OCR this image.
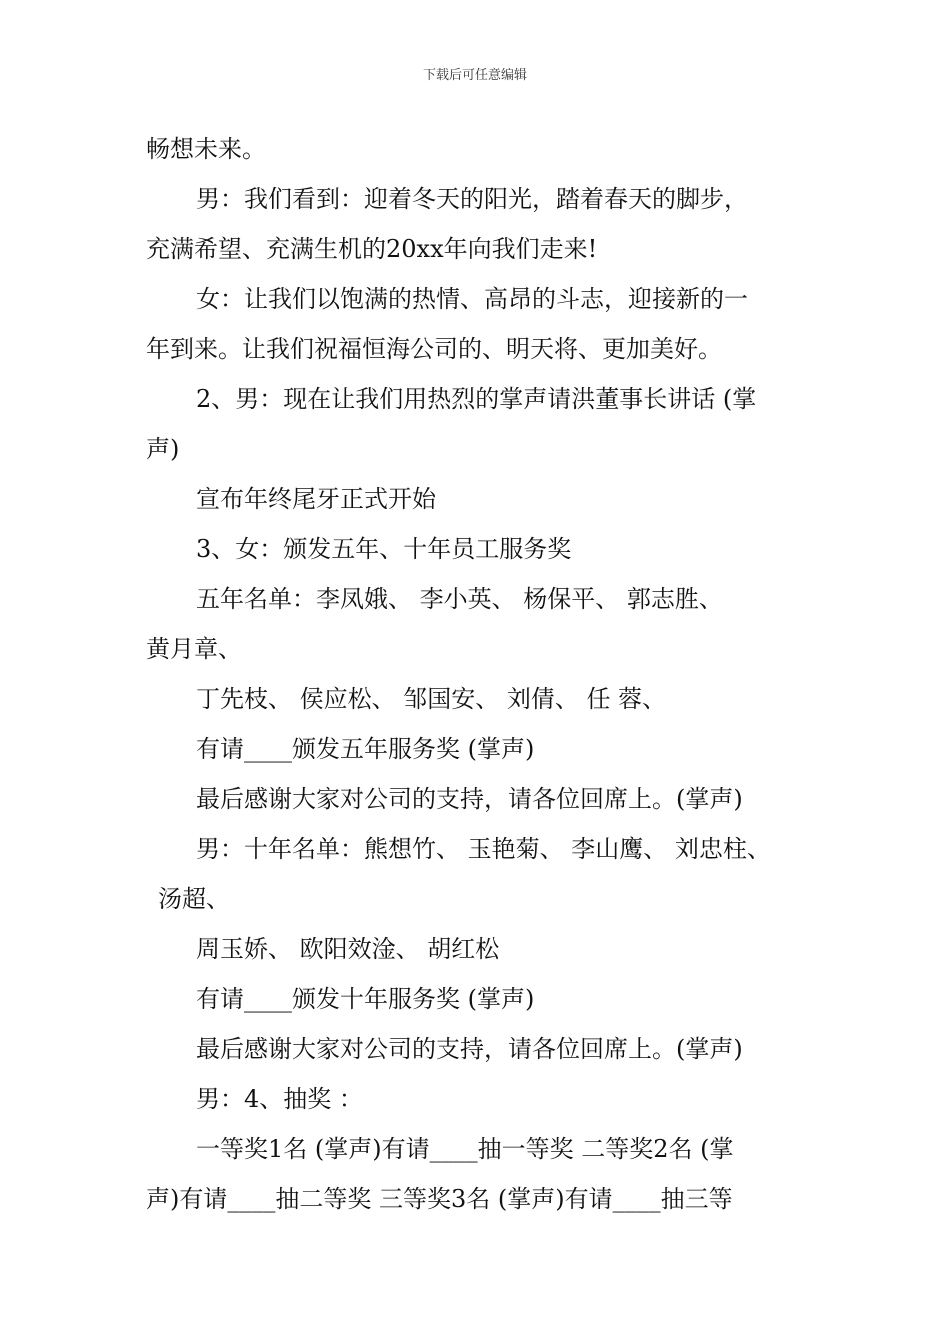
下载后可任意编辑
畅想未来。
男：我们看到：迎着冬天的阳光，踏着春天的脚步，
充满希望、充满生机的20xx年向我们走来!
女：让我们以饱满的热情、高昂的斗志，迎接新的一
年到来。让我们祝福恒海公司的、明天将、更加美好。
2、男：现在让我们用热烈的掌声请洪董事长讲话 (掌
声)
宣布年终尾牙正式开始
3、女：颁发五年、十年员工服务奖
五年名单：李凤娥、 李小英、 杨保平、 郭志胜、
黄月章、
丁先枝、 侯应松、 邹国安、 刘倩、 任 蓉、
有请____颁发五年服务奖 (掌声)
最后感谢大家对公司的支持，请各位回席上。(掌声)
男：十年名单：熊想竹、 玉艳菊、 李山鹰、 刘忠柱、
汤超、
周玉娇、 欧阳效淦、 胡红松
有请____颁发十年服务奖 (掌声)
最后感谢大家对公司的支持，请各位回席上。(掌声)
男：4、抽奖 ：
一等奖1名 (掌声)有请____抽一等奖 二等奖2名 (掌
声)有请____抽二等奖 三等奖3名 (掌声)有请____抽三等
